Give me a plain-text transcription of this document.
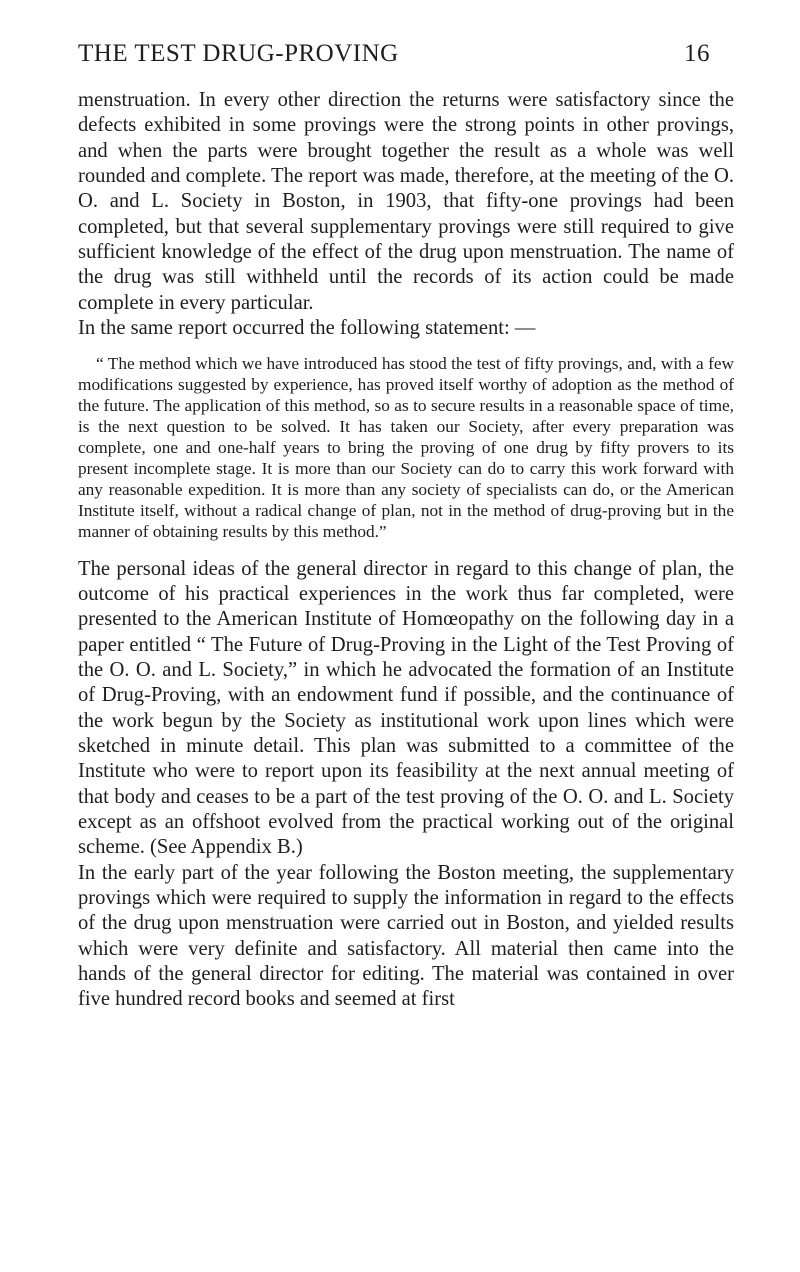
THE TEST DRUG-PROVING	16

menstruation. In every other direction the returns were satisfactory since the defects exhibited in some provings were the strong points in other provings, and when the parts were brought together the result as a whole was well rounded and complete. The report was made, therefore, at the meeting of the O. O. and L. Society in Boston, in 1903, that fifty-one provings had been completed, but that several supplementary provings were still required to give sufficient knowledge of the effect of the drug upon menstruation. The name of the drug was still withheld until the records of its action could be made complete in every particular.

In the same report occurred the following statement: —

“ The method which we have introduced has stood the test of fifty provings, and, with a few modifications suggested by experience, has proved itself worthy of adoption as the method of the future. The application of this method, so as to secure results in a reasonable space of time, is the next question to be solved. It has taken our Society, after every preparation was complete, one and one-half years to bring the proving of one drug by fifty provers to its present incomplete stage. It is more than our Society can do to carry this work forward with any reasonable expedition. It is more than any society of specialists can do, or the American Institute itself, without a radical change of plan, not in the method of drug-proving but in the manner of obtaining results by this method.”

The personal ideas of the general director in regard to this change of plan, the outcome of his practical experiences in the work thus far completed, were presented to the American Institute of Homœopathy on the following day in a paper entitled “ The Future of Drug-Proving in the Light of the Test Proving of the O. O. and L. Society,” in which he advocated the formation of an Institute of Drug-Proving, with an endowment fund if possible, and the continuance of the work begun by the Society as institutional work upon lines which were sketched in minute detail. This plan was submitted to a committee of the Institute who were to report upon its feasibility at the next annual meeting of that body and ceases to be a part of the test proving of the O. O. and L. Society except as an offshoot evolved from the practical working out of the original scheme. (See Appendix B.)

In the early part of the year following the Boston meeting, the supplementary provings which were required to supply the information in regard to the effects of the drug upon menstruation were carried out in Boston, and yielded results which were very definite and satisfactory. All material then came into the hands of the general director for editing. The material was contained in over five hundred record books and seemed at first
